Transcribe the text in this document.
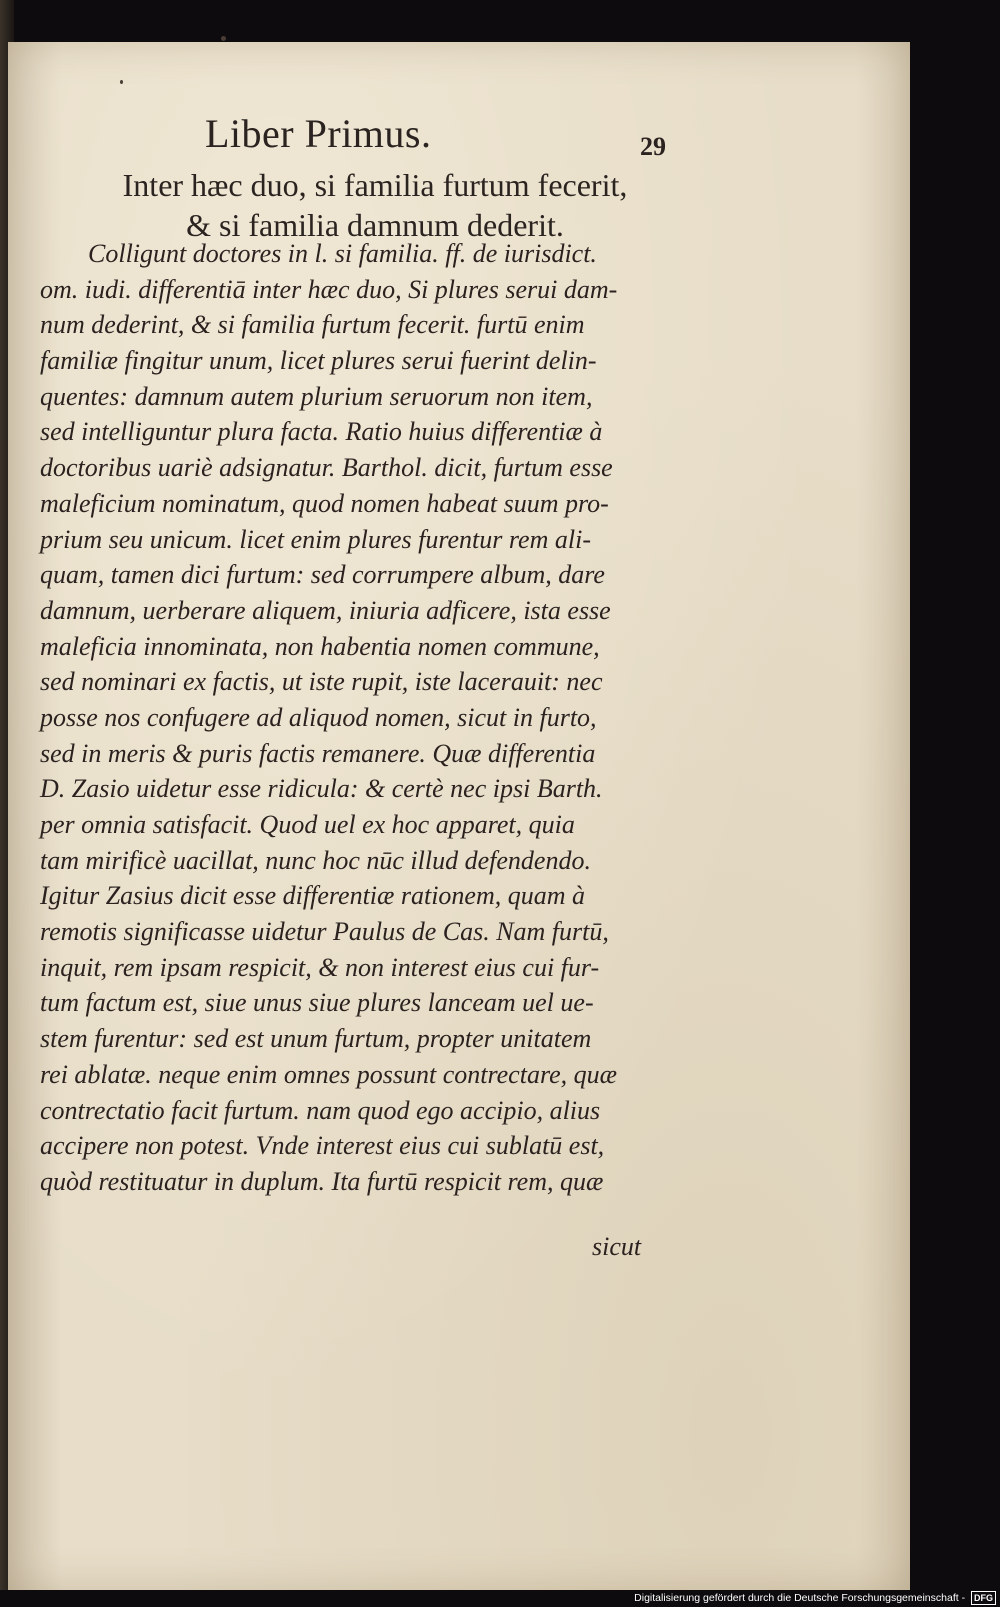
Liber Primus.	29
Inter hæc duo, si familia furtum fecerit,
& si familia damnum dederit.
Colligunt doctores in l. si familia. ff. de iurisdict.
om. iudi. differentiā inter hæc duo, Si plures serui dam-
num dederint, & si familia furtum fecerit. furtū enim
familiæ fingitur unum, licet plures serui fuerint delin-
quentes: damnum autem plurium seruorum non item,
sed intelliguntur plura facta. Ratio huius differentiæ à
doctoribus uariè adsignatur. Barthol. dicit, furtum esse
maleficium nominatum, quod nomen habeat suum pro-
prium seu unicum. licet enim plures furentur rem ali-
quam, tamen dici furtum: sed corrumpere album, dare
damnum, uerberare aliquem, iniuria adficere, ista esse
maleficia innominata, non habentia nomen commune,
sed nominari ex factis, ut iste rupit, iste lacerauit: nec
posse nos confugere ad aliquod nomen, sicut in furto,
sed in meris & puris factis remanere. Quæ differentia
D. Zasio uidetur esse ridicula: & certè nec ipsi Barth.
per omnia satisfacit. Quod uel ex hoc apparet, quia
tam mirificè uacillat, nunc hoc nūc illud defendendo.
Igitur Zasius dicit esse differentiæ rationem, quam à
remotis significasse uidetur Paulus de Cas. Nam furtū,
inquit, rem ipsam respicit, & non interest eius cui fur-
tum factum est, siue unus siue plures lanceam uel ue-
stem furentur: sed est unum furtum, propter unitatem
rei ablatæ. neque enim omnes possunt contrectare, quæ
contrectatio facit furtum. nam quod ego accipio, alius
accipere non potest. Vnde interest eius cui sublatū est,
quòd restituatur in duplum. Ita furtū respicit rem, quæ
sicut
Digitalisierung gefördert durch die Deutsche Forschungsgemeinschaft - DFG
